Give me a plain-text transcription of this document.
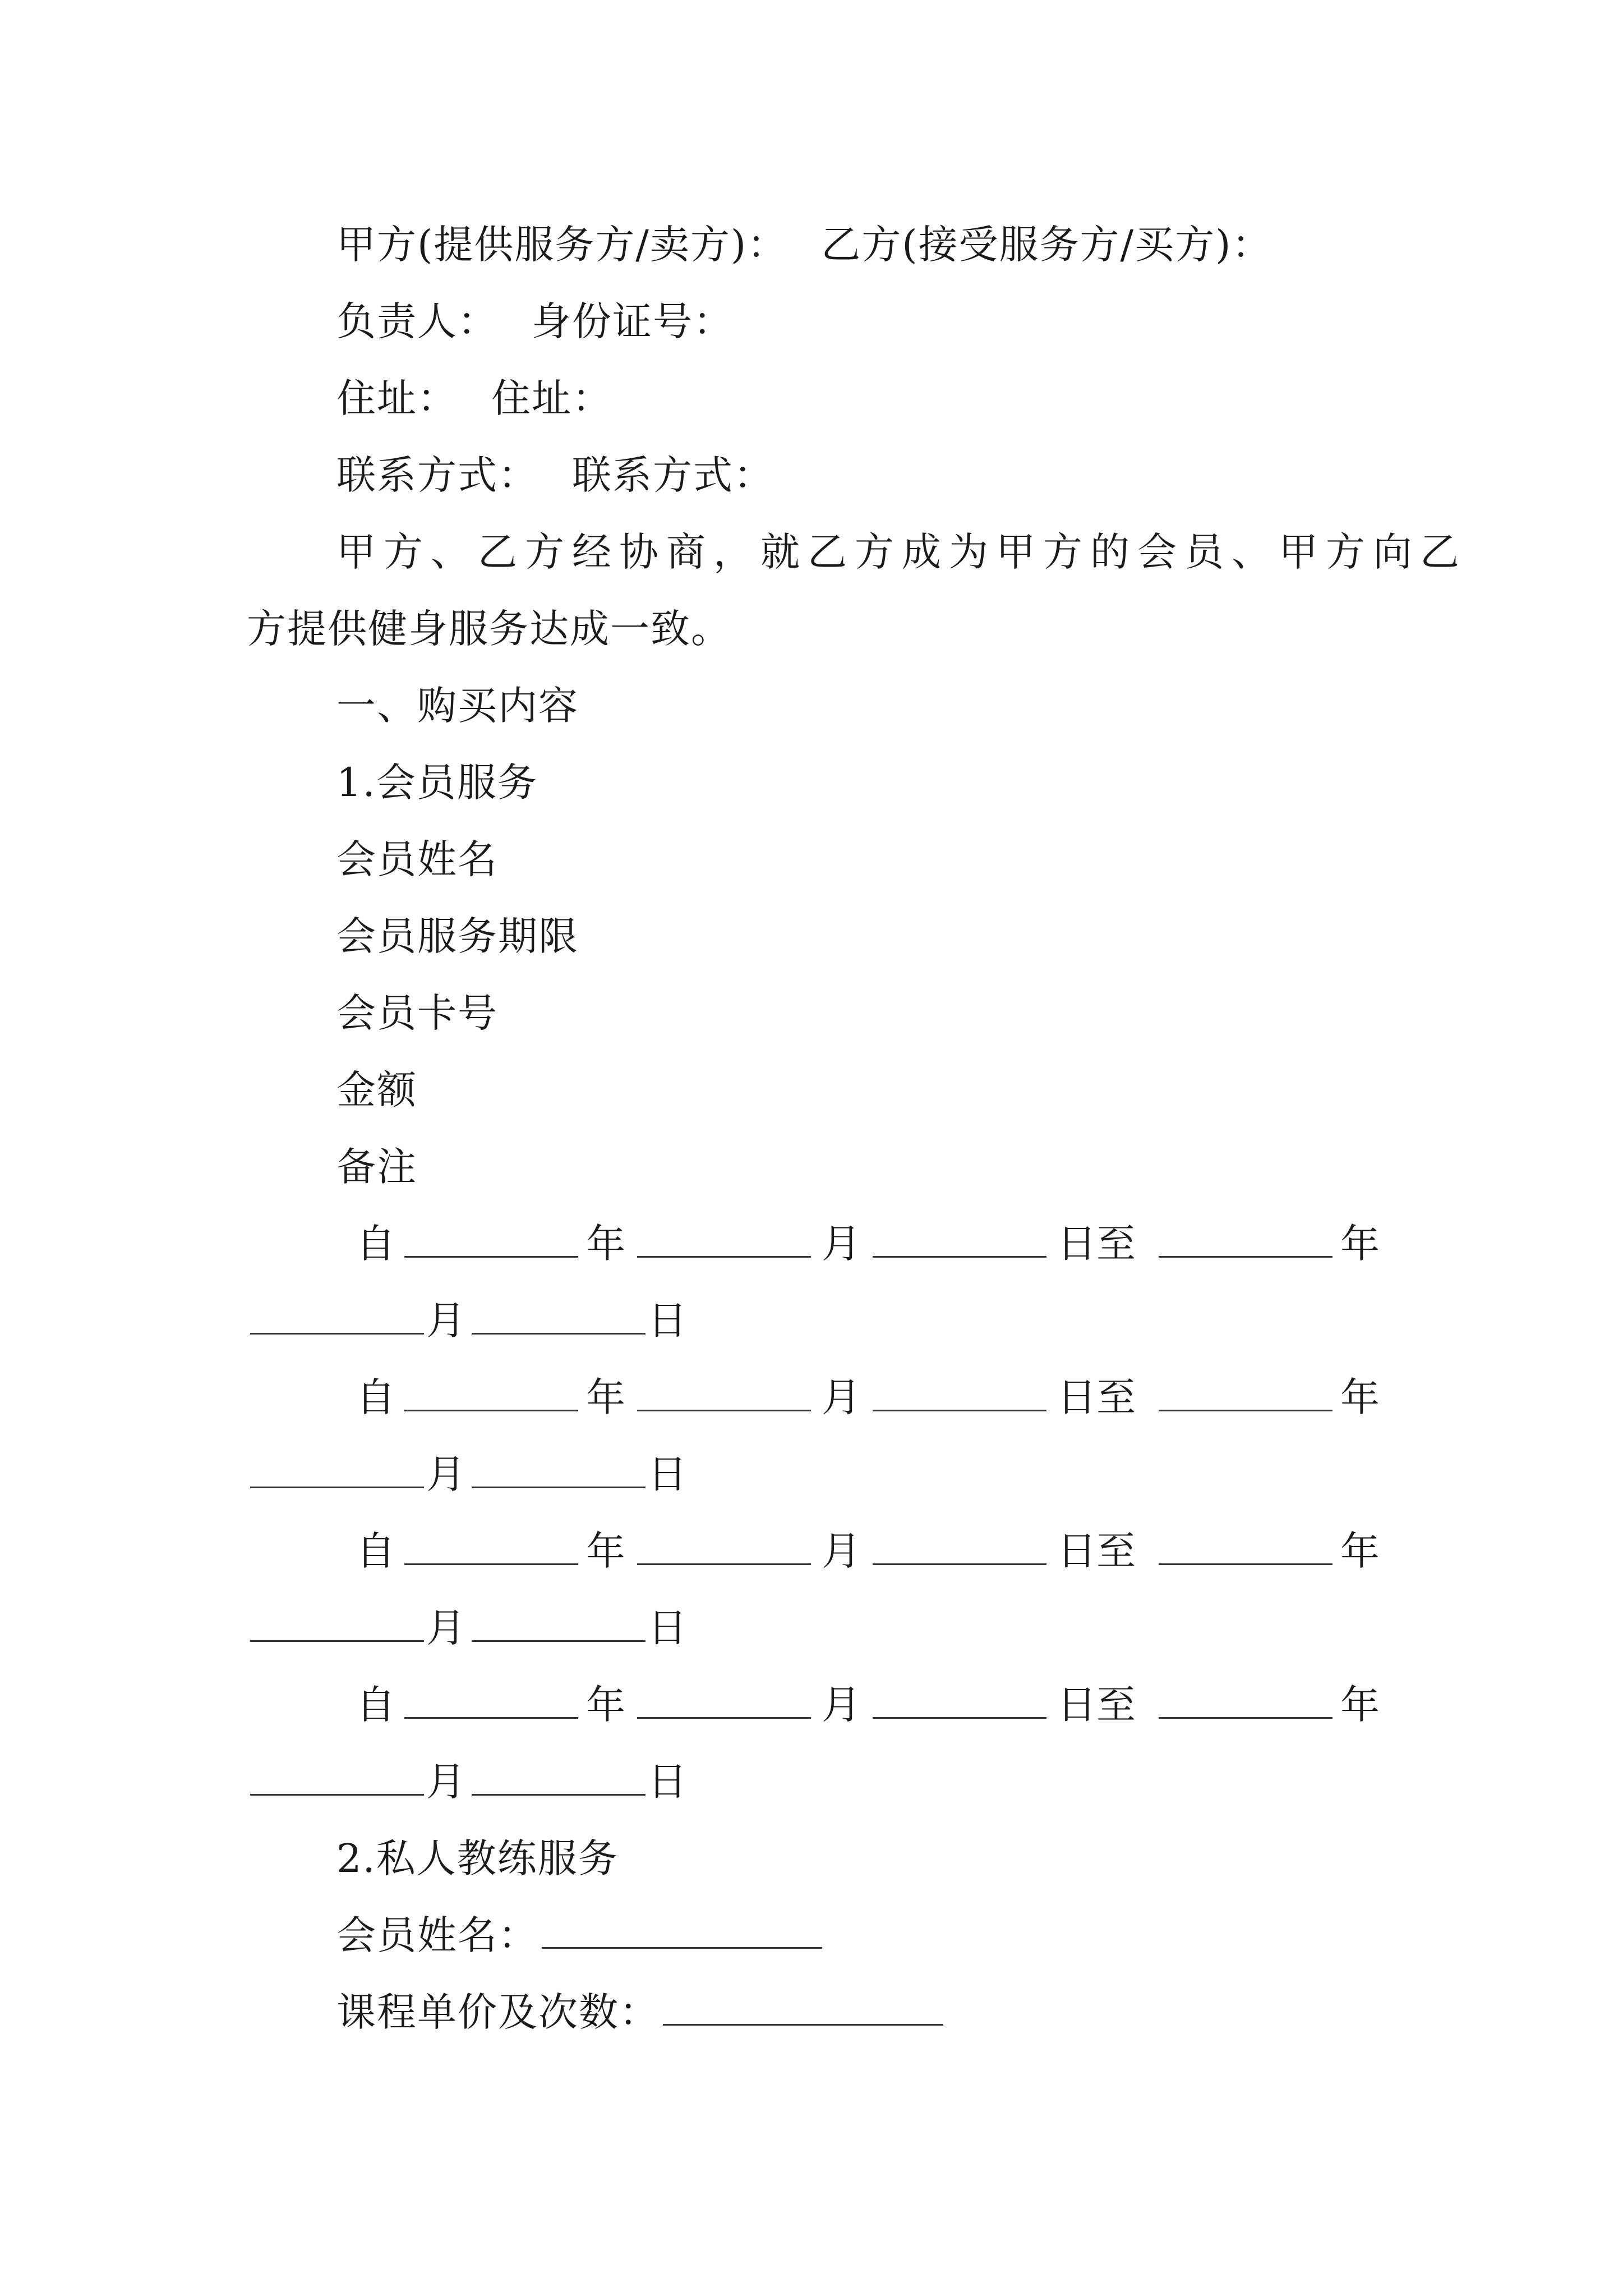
甲方(提供服务方/卖方)： 乙方(接受服务方/买方)：
负责人： 身份证号：
住址： 住址：
联系方式： 联系方式：
甲方、乙方经协商，就乙方成为甲方的会员、甲方向乙
方提供健身服务达成一致。
一、购买内容
1.会员服务
会员姓名
会员服务期限
会员卡号
金额
备注
自	年	月	日至	年
月	日
自	年	月	日至	年
月	日
自	年	月	日至	年
月	日
自	年	月	日至	年
月	日
2.私人教练服务
会员姓名：
课程单价及次数：
